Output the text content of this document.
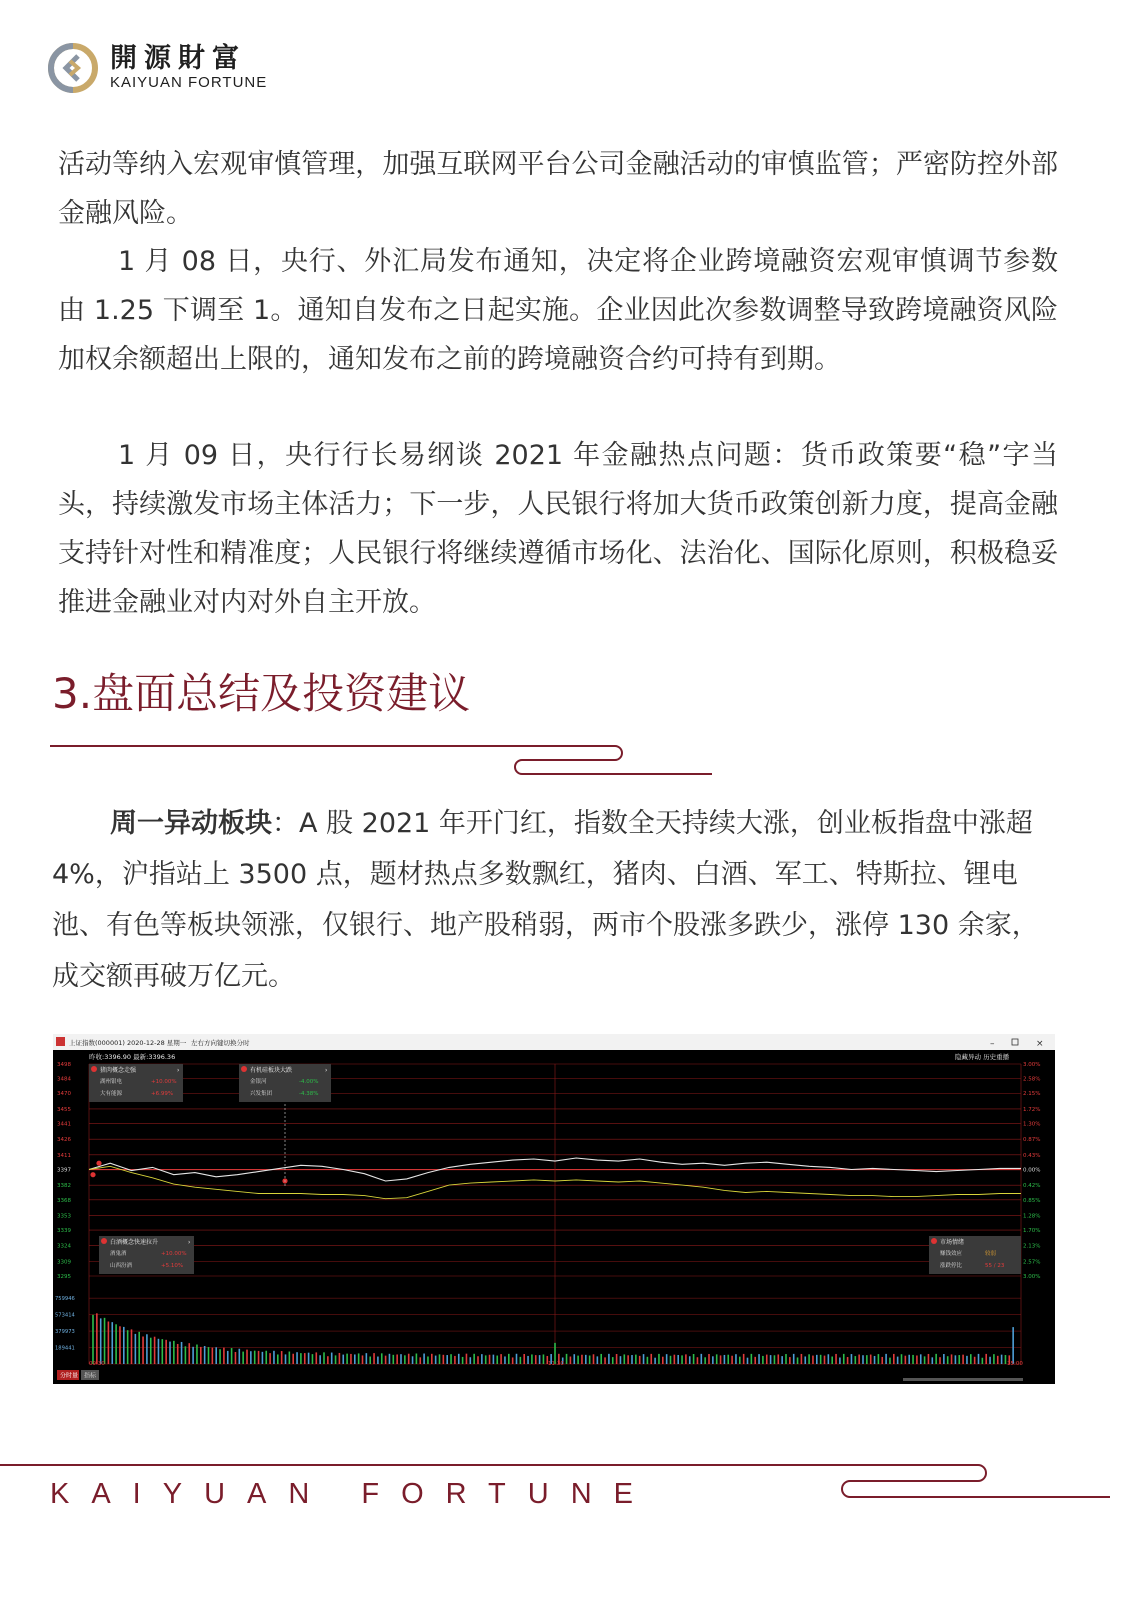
開源財富
KAIYUAN FORTUNE

活动等纳入宏观审慎管理，加强互联网平台公司金融活动的审慎监管；严密防控外部金融风险。

1 月 08 日，央行、外汇局发布通知，决定将企业跨境融资宏观审慎调节参数由 1.25 下调至 1。通知自发布之日起实施。企业因此次参数调整导致跨境融资风险加权余额超出上限的，通知发布之前的跨境融资合约可持有到期。

1 月 09 日，央行行长易纲谈 2021 年金融热点问题：货币政策要“稳”字当头，持续激发市场主体活力；下一步，人民银行将加大货币政策创新力度，提高金融支持针对性和精准度；人民银行将继续遵循市场化、法治化、国际化原则，积极稳妥推进金融业对内对外自主开放。

3.盘面总结及投资建议

周一异动板块：A 股 2021 年开门红，指数全天持续大涨，创业板指盘中涨超 4%，沪指站上 3500 点，题材热点多数飘红，猪肉、白酒、军工、特斯拉、锂电池、有色等板块领涨，仅银行、地产股稍弱，两市个股涨多跌少，涨停 130 余家，成交额再破万亿元。

上证指数(000001) 2020-12-28 星期一 左右方向键切换分时	–	×
昨收:3396.90 最新:3396.36	隐藏异动 历史重播
3498
3484
3470
3455
3441
3426
3411
3397
3382
3368
3353
3339
3324
3309
3295
3.00%
2.58%
2.15%
1.72%
1.30%
0.87%
0.43%
0.00%
0.42%
0.85%
1.28%
1.70%
2.13%
2.57%
3.00%
759946
573414
379973
189441
09:30	11:30	15:00
猪肉概念走强	›
湖州银电	+10.00%
大有能源	+6.99%
有机硅板块大跌	›
金银河	-4.00%
兴发集团	-4.38%
白酒概念快速拉升	›
酒鬼酒	+10.00%
山西汾酒	+5.10%
市场情绪
赚钱效应	较弱
涨跌停比	55 / 23
分时量 指标
KAIYUAN FORTUNE
